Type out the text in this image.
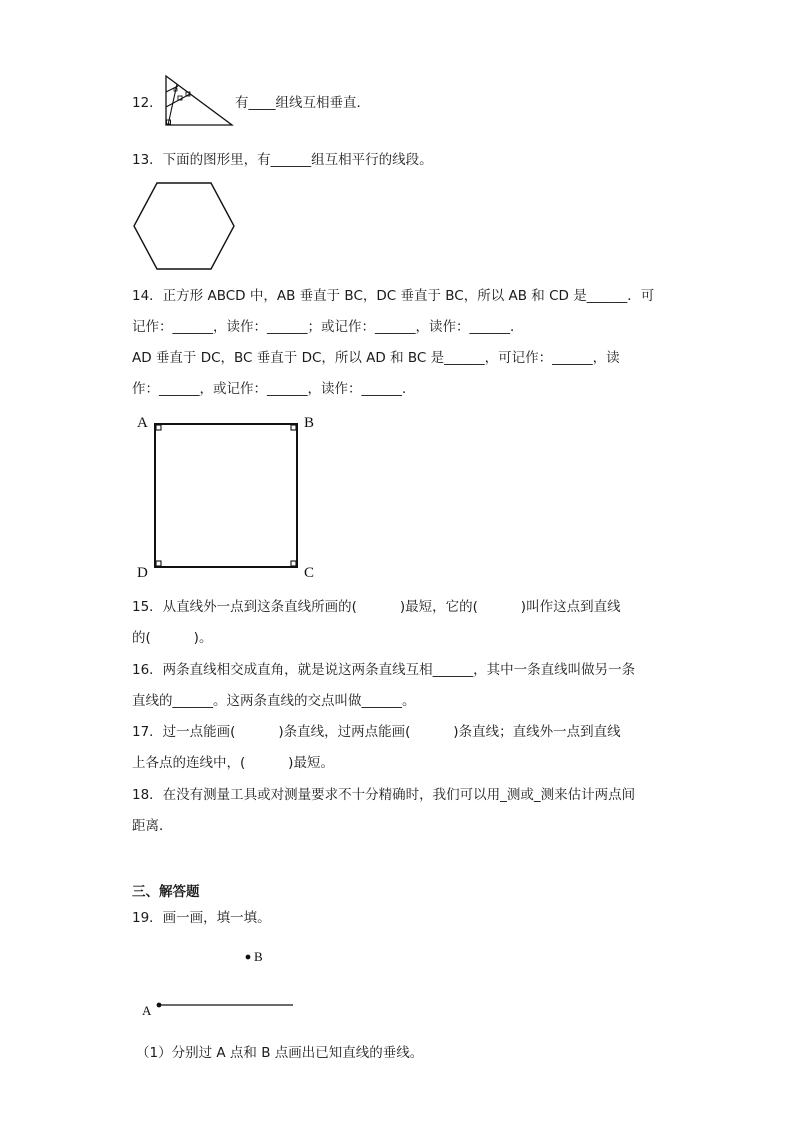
12．	有____组线互相垂直．
13．下面的图形里，有______组互相平行的线段。
14．正方形 ABCD 中，AB 垂直于 BC，DC 垂直于 BC，所以 AB 和 CD 是______．可
记作：______，读作：______；或记作：______，读作：______．
AD 垂直于 DC，BC 垂直于 DC，所以 AD 和 BC 是______，可记作：______，读
作：______，或记作：______，读作：______．
A	B
C
D
15．从直线外一点到这条直线所画的(          )最短，它的(          )叫作这点到直线
的(          )。
16．两条直线相交成直角，就是说这两条直线互相______，其中一条直线叫做另一条
直线的______。这两条直线的交点叫做______。
17．过一点能画(          )条直线，过两点能画(          )条直线；直线外一点到直线
上各点的连线中，(          )最短。
18．在没有测量工具或对测量要求不十分精确时，我们可以用_测或_测来估计两点间
距离．
三、解答题
19．画一画，填一填。
B
A
（1）分别过 A 点和 B 点画出已知直线的垂线。
